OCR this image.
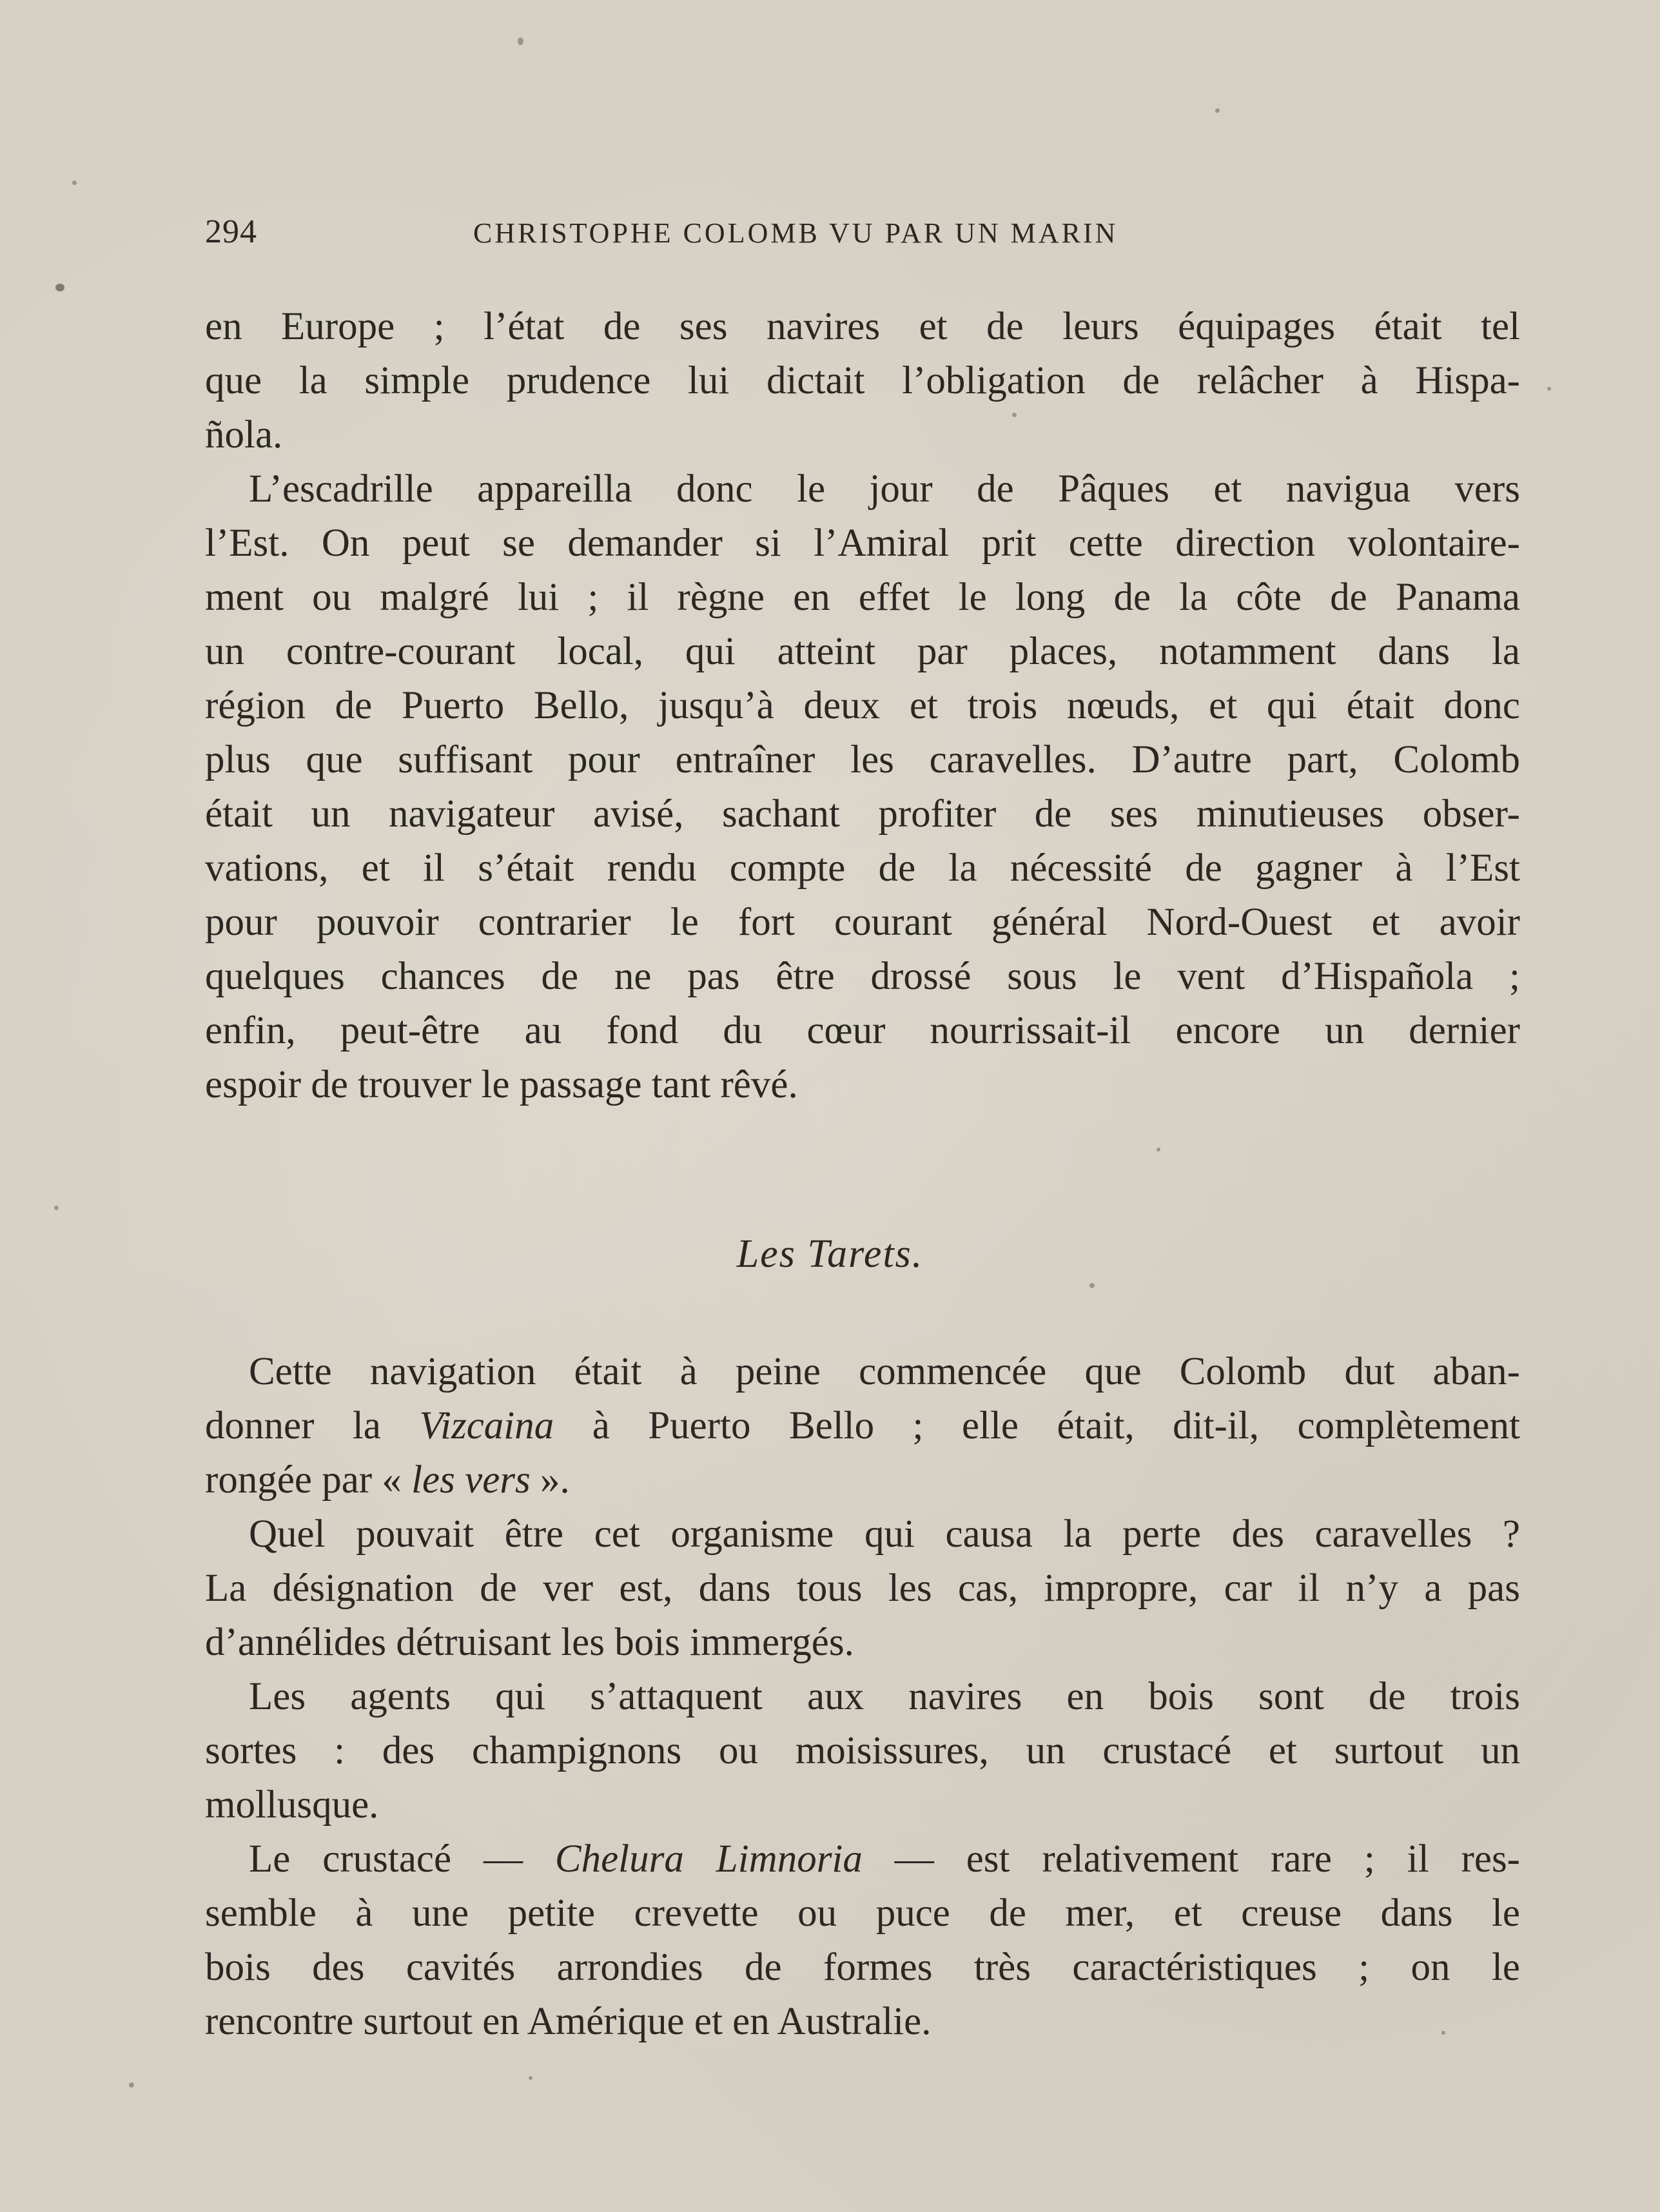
294	CHRISTOPHE COLOMB VU PAR UN MARIN

en Europe ; l’état de ses navires et de leurs équipages était tel
que la simple prudence lui dictait l’obligation de relâcher à Hispa-
ñola.

L’escadrille appareilla donc le jour de Pâques et navigua vers
l’Est. On peut se demander si l’Amiral prit cette direction volontaire-
ment ou malgré lui ; il règne en effet le long de la côte de Panama
un contre-courant local, qui atteint par places, notamment dans la
région de Puerto Bello, jusqu’à deux et trois nœuds, et qui était donc
plus que suffisant pour entraîner les caravelles. D’autre part, Colomb
était un navigateur avisé, sachant profiter de ses minutieuses obser-
vations, et il s’était rendu compte de la nécessité de gagner à l’Est
pour pouvoir contrarier le fort courant général Nord-Ouest et avoir
quelques chances de ne pas être drossé sous le vent d’Hispañola ;
enfin, peut-être au fond du cœur nourrissait-il encore un dernier
espoir de trouver le passage tant rêvé.

Les Tarets.

Cette navigation était à peine commencée que Colomb dut aban-
donner la Vizcaina à Puerto Bello ; elle était, dit-il, complètement
rongée par « les vers ».

Quel pouvait être cet organisme qui causa la perte des caravelles ?
La désignation de ver est, dans tous les cas, impropre, car il n’y a pas
d’annélides détruisant les bois immergés.

Les agents qui s’attaquent aux navires en bois sont de trois
sortes : des champignons ou moisissures, un crustacé et surtout un
mollusque.

Le crustacé — Chelura Limnoria — est relativement rare ; il res-
semble à une petite crevette ou puce de mer, et creuse dans le
bois des cavités arrondies de formes très caractéristiques ; on le
rencontre surtout en Amérique et en Australie.
